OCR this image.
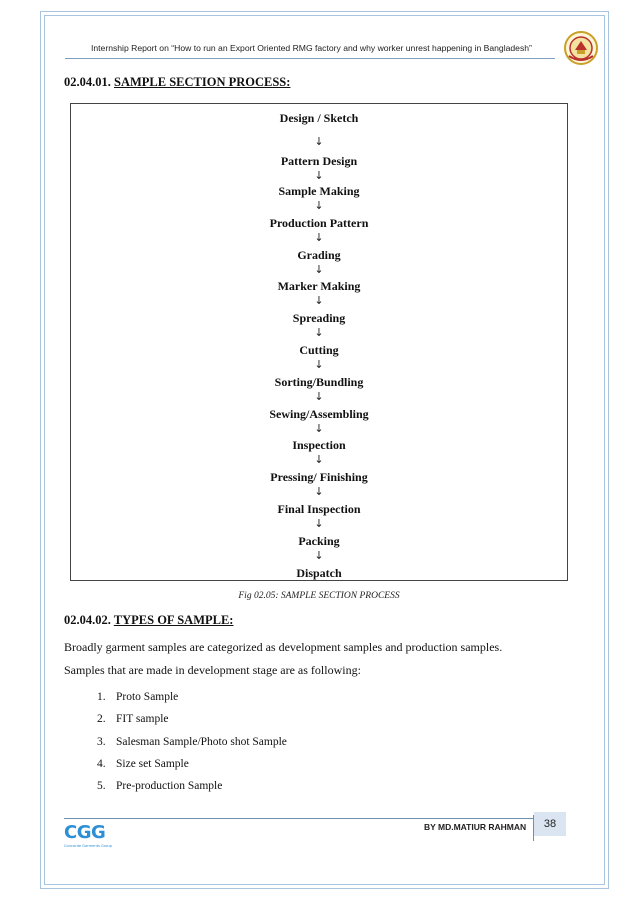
Internship Report on “How to run an Export Oriented RMG factory and why worker unrest happening in Bangladesh”
02.04.01. SAMPLE SECTION PROCESS:
Design / Sketch
↓
Pattern Design
↓
Sample Making
↓
Production Pattern
↓
Grading
↓
Marker Making
↓
Spreading
↓
Cutting
↓
Sorting/Bundling
↓
Sewing/Assembling
↓
Inspection
↓
Pressing/ Finishing
↓
Final Inspection
↓
Packing
↓
Dispatch
Fig 02.05: SAMPLE SECTION PROCESS
02.04.02. TYPES OF SAMPLE:
Broadly garment samples are categorized as development samples and production samples.
Samples that are made in development stage are as following:
1. Proto Sample
2. FIT sample
3. Salesman Sample/Photo shot Sample
4. Size set Sample
5. Pre-production Sample
BY MD.MATIUR RAHMAN	38
CGG
Concorde Garments Group
